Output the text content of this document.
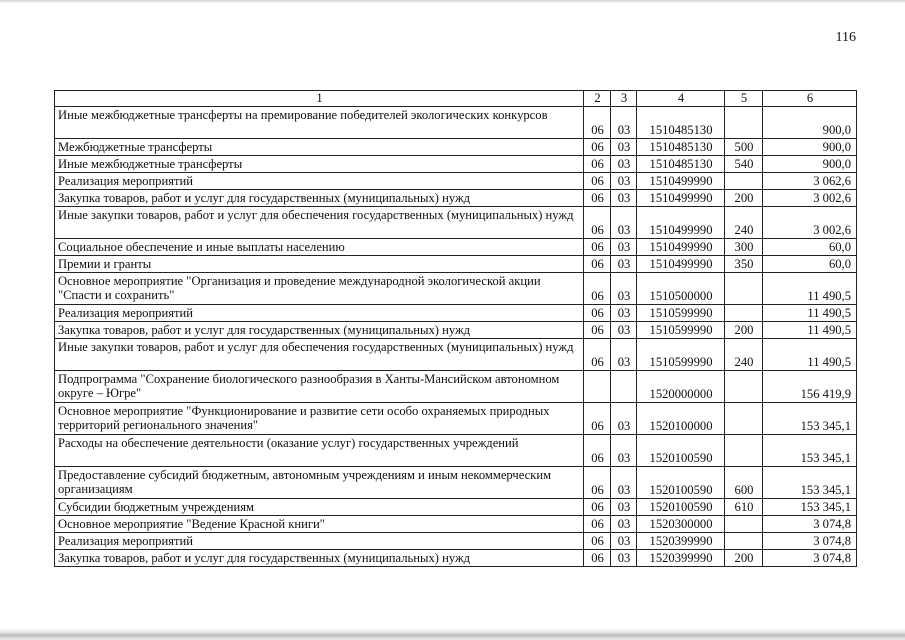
116
1	2	3	4	5	6
Иные межбюджетные трансферты на премирование победителей экологических конкурсов	06	03	1510485130		900,0
Межбюджетные трансферты	06	03	1510485130	500	900,0
Иные межбюджетные трансферты	06	03	1510485130	540	900,0
Реализация мероприятий	06	03	1510499990		3 062,6
Закупка товаров, работ и услуг для государственных (муниципальных) нужд	06	03	1510499990	200	3 002,6
Иные закупки товаров, работ и услуг для обеспечения государственных (муниципальных) нужд	06	03	1510499990	240	3 002,6
Социальное обеспечение и иные выплаты населению	06	03	1510499990	300	60,0
Премии и гранты	06	03	1510499990	350	60,0
Основное мероприятие "Организация и проведение международной экологической акции "Спасти и сохранить"	06	03	1510500000		11 490,5
Реализация мероприятий	06	03	1510599990		11 490,5
Закупка товаров, работ и услуг для государственных (муниципальных) нужд	06	03	1510599990	200	11 490,5
Иные закупки товаров, работ и услуг для обеспечения государственных (муниципальных) нужд	06	03	1510599990	240	11 490,5
Подпрограмма "Сохранение биологического разнообразия в Ханты-Мансийском автономном округе – Югре"			1520000000		156 419,9
Основное мероприятие "Функционирование и развитие сети особо охраняемых природных территорий регионального значения"	06	03	1520100000		153 345,1
Расходы на обеспечение деятельности (оказание услуг) государственных учреждений	06	03	1520100590		153 345,1
Предоставление субсидий бюджетным, автономным учреждениям и иным некоммерческим организациям	06	03	1520100590	600	153 345,1
Субсидии бюджетным учреждениям	06	03	1520100590	610	153 345,1
Основное мероприятие "Ведение Красной книги"	06	03	1520300000		3 074,8
Реализация мероприятий	06	03	1520399990		3 074,8
Закупка товаров, работ и услуг для государственных (муниципальных) нужд	06	03	1520399990	200	3 074,8
